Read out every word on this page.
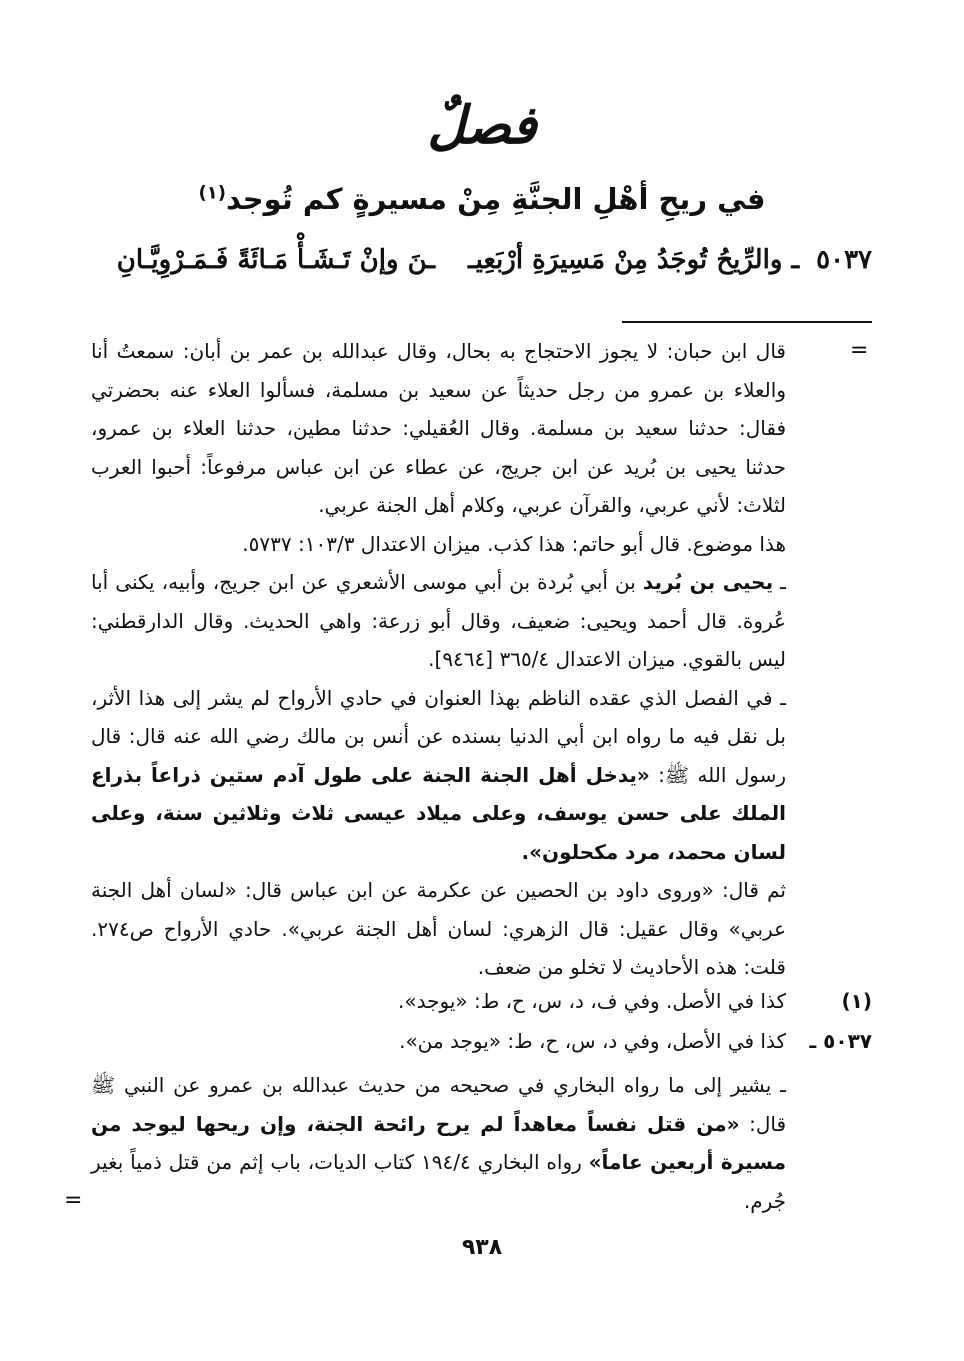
فصلٌ
في ريحِ أهْلِ الجنَّةِ مِنْ مسيرةٍ كم تُوجد$^{(١)}$
٥٠٣٧ ـ والرِّيحُ تُوجَدُ مِنْ مَسِيرَةِ أرْبَعِيـ ـنَ وإنْ تَـشَـأْ مَـائَةً فَـمَـرْوِيَّـانِ
=

قال ابن حبان: لا يجوز الاحتجاج به بحال، وقال عبدالله بن عمر بن أبان: سمعتُ أنا والعلاء بن عمرو من رجل حديثاً عن سعيد بن مسلمة، فسألوا العلاء عنه بحضرتي فقال: حدثنا سعيد بن مسلمة. وقال العُقيلي: حدثنا مطين، حدثنا العلاء بن عمرو، حدثنا يحيى بن بُريد عن ابن جريج، عن عطاء عن ابن عباس مرفوعاً: أحبوا العرب لثلاث: لأني عربي، والقرآن عربي، وكلام أهل الجنة عربي.

هذا موضوع. قال أبو حاتم: هذا كذب. ميزان الاعتدال ١٠٣/٣: ٥٧٣٧.

ـ يحيى بن بُريد بن أبي بُردة بن أبي موسى الأشعري عن ابن جريج، وأبيه، يكنى أبا عُروة. قال أحمد ويحيى: ضعيف، وقال أبو زرعة: واهي الحديث. وقال الدارقطني: ليس بالقوي. ميزان الاعتدال ٣٦٥/٤ [٩٤٦٤].

ـ في الفصل الذي عقده الناظم بهذا العنوان في حادي الأرواح لم يشر إلى هذا الأثر، بل نقل فيه ما رواه ابن أبي الدنيا بسنده عن أنس بن مالك رضي الله عنه قال: قال رسول الله ﷺ: «يدخل أهل الجنة الجنة على طول آدم ستين ذراعاً بذراع الملك على حسن يوسف، وعلى ميلاد عيسى ثلاث وثلاثين سنة، وعلى لسان محمد، مرد مكحلون».

ثم قال: «وروى داود بن الحصين عن عكرمة عن ابن عباس قال: «لسان أهل الجنة عربي» وقال عقيل: قال الزهري: لسان أهل الجنة عربي». حادي الأرواح ص٢٧٤. قلت: هذه الأحاديث لا تخلو من ضعف.

(١)كذا في الأصل. وفي ف، د، س، ح، ط: «يوجد».
٥٠٣٧ ـكذا في الأصل، وفي د، س، ح، ط: «يوجد من».

ـ يشير إلى ما رواه البخاري في صحيحه من حديث عبدالله بن عمرو عن النبي ﷺ قال: «من قتل نفساً معاهداً لم يرح رائحة الجنة، وإن ريحها ليوجد من مسيرة أربعين عاماً» رواه البخاري ١٩٤/٤ كتاب الديات، باب إثم من قتل ذمياً بغير جُرم.

=
٩٣٨
